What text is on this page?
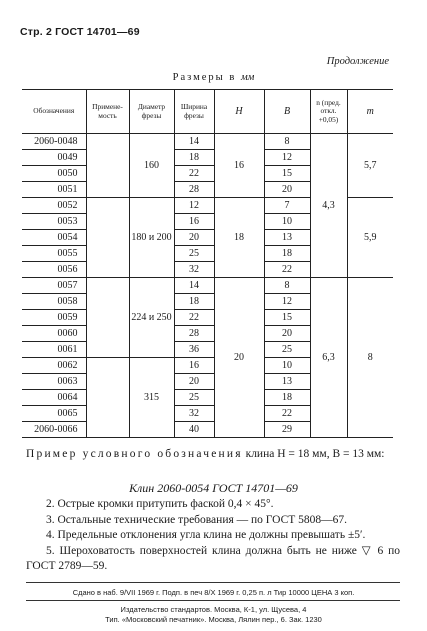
Стр. 2 ГОСТ 14701—69
Продолжение
Размеры в мм
Обозначения	Примене-мость	Диаметр фрезы	Ширина фрезы	H	B	n (пред. откл. +0,05)	m
2060-0048		160	14	16	8	4,3	5,7
0049			18		12		
0050			22		15		
0051			28		20		
0052		180 и 200	12	18	7		5,9
0053			16		10		
0054			20		13		
0055			25		18		
0056			32		22		
0057		224 и 250	14	20	8	6,3	8
0058			18		12		
0059			22		15		
0060			28		20		
0061			36		25		
0062		315	16		10		
0063			20		13		
0064			25		18		
0065			32		22		
2060-0066			40		29		
Пример условного обозначения клина H = 18 мм, B = 13 мм:
Клин 2060-0054 ГОСТ 14701—69

2. Острые кромки притупить фаской 0,4 × 45°.

3. Остальные технические требования — по ГОСТ 5808—67.

4. Предельные отклонения угла клина не должны превышать ±5′.

5. Шероховатость поверхностей клина должна быть не ниже ▽ 6 по ГОСТ 2789—59.

Сдано в наб. 9/VII 1969 г. Подп. в печ 8/X 1969 г. 0,25 п. л Тир 10000 ЦЕНА 3 коп.
Издательство стандартов. Москва, К-1, ул. Щусева, 4
Тип. «Московский печатник». Москва, Лялин пер., 6. Зак. 1230
